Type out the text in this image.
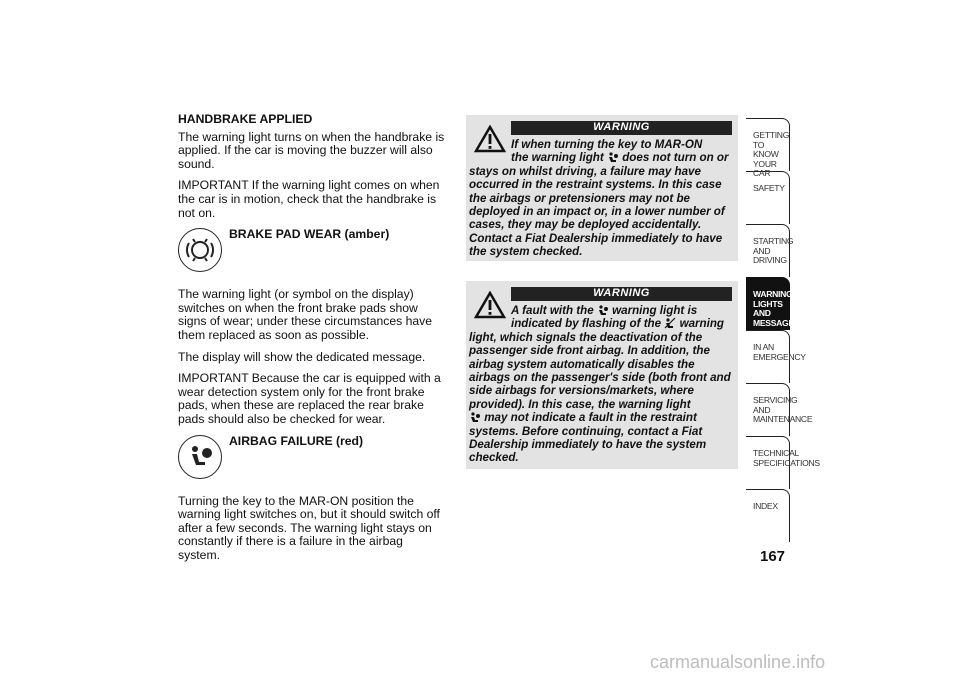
HANDBRAKE APPLIED

The warning light turns on when the handbrake is applied. If the car is moving the buzzer will also sound.

IMPORTANT If the warning light comes on when the car is in motion, check that the handbrake is not on.

BRAKE PAD WEAR (amber)

The warning light (or symbol on the display) switches on when the front brake pads show signs of wear; under these circumstances have them replaced as soon as possible.

The display will show the dedicated message.

IMPORTANT Because the car is equipped with a wear detection system only for the front brake pads, when these are replaced the rear brake pads should also be checked for wear.

AIRBAG FAILURE (red)

Turning the key to the MAR-ON position the warning light switches on, but it should switch off after a few seconds. The warning light stays on constantly if there is a failure in the airbag system.

WARNING
If when turning the key to MAR-ON
the warning light does not turn on or
stays on whilst driving, a failure may have occurred in the restraint systems. In this case the airbags or pretensioners may not be deployed in an impact or, in a lower number of cases, they may be deployed accidentally. Contact a Fiat Dealership immediately to have the system checked.
WARNING
A fault with the warning light is
indicated by flashing of the warning
light, which signals the deactivation of the passenger side front airbag. In addition, the airbag system automatically disables the airbags on the passenger's side (both front and side airbags for versions/markets, where provided). In this case, the warning light
may not indicate a fault in the restraint systems. Before continuing, contact a Fiat Dealership immediately to have the system checked.
GETTING TO KNOW
YOUR CAR
SAFETY

STARTING AND
DRIVING
WARNING LIGHTS
AND MESSAGES
IN AN EMERGENCY

SERVICING AND
MAINTENANCE
TECHNICAL
SPECIFICATIONS
INDEX

167
carmanualsonline.info
